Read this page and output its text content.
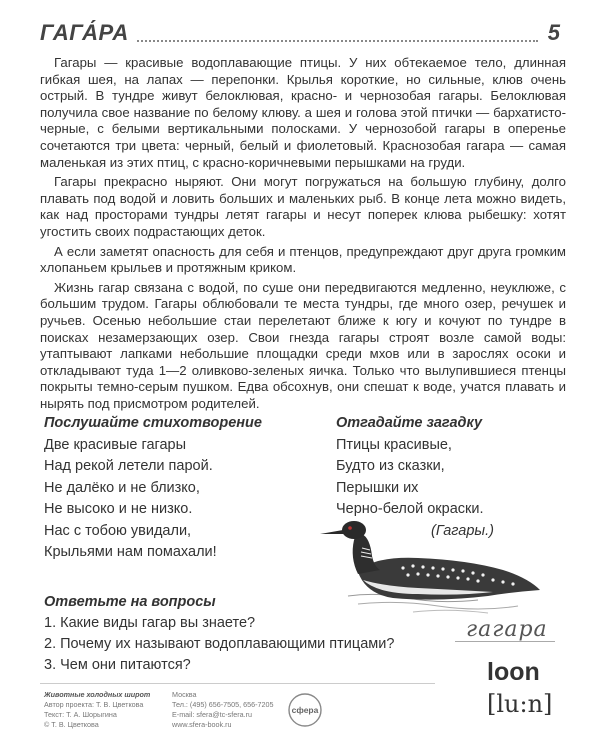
ГАГА́РА	5

Гагары — красивые водоплавающие птицы. У них обтекаемое тело, длинная гибкая шея, на лапах — перепонки. Крылья короткие, но сильные, клюв очень острый. В тундре живут белоклювая, красно- и чернозобая гагары. Белоклювая получила свое название по белому клюву. а шея и голова этой птички — бархатисто-черные, с белыми вертикальными полосками. У чернозобой гагары в оперенье сочетаются три цвета: черный, белый и фиолетовый. Краснозобая гагара — самая маленькая из этих птиц, с красно-коричневыми перышками на груди.

Гагары прекрасно ныряют. Они могут погружаться на большую глубину, долго плавать под водой и ловить больших и маленьких рыб. В конце лета можно видеть, как над просторами тундры летят гагары и несут поперек клюва рыбешку: хотят угостить своих подрастающих деток.

А если заметят опасность для себя и птенцов, предупреждают друг друга громким хлопаньем крыльев и протяжным криком.

Жизнь гагар связана с водой, по суше они передвигаются медленно, неуклюже, с большим трудом. Гагары облюбовали те места тундры, где много озер, речушек и ручьев. Осенью небольшие стаи перелетают ближе к югу и кочуют по тундре в поисках незамерзающих озер. Свои гнезда гагары строят возле самой воды: утаптывают лапками небольшие площадки среди мхов или в зарослях осоки и откладывают туда 1—2 оливково-зеленых яичка. Только что вылупившиеся птенцы покрыты темно-серым пушком. Едва обсохнув, они спешат к воде, учатся плавать и нырять под присмотром родителей.

Послушайте стихотворение
Две красивые гагары
Над рекой летели парой.
Не далёко и не близко,
Не высоко и не низко.
Нас с тобою увидали,
Крыльями нам помахали!
Отгадайте загадку
Птицы красивые,
Будто из сказки,
Перышки их
Черно-белой окраски.
(Гагары.)
гагара
Ответьте на вопросы
1. Какие виды гагар вы знаете?
2. Почему их называют водоплавающими птицами?
3. Чем они питаются?	loon
[lu:n]
Животные холодных широт
Автор проекта: Т. В. Цветкова
Текст: Т. А. Шорыгина
© Т. В. Цветкова
Москва
Тел.: (495) 656-7505, 656-7205
E-mail: sfera@tc-sfera.ru
www.sfera-book.ru
сфера
